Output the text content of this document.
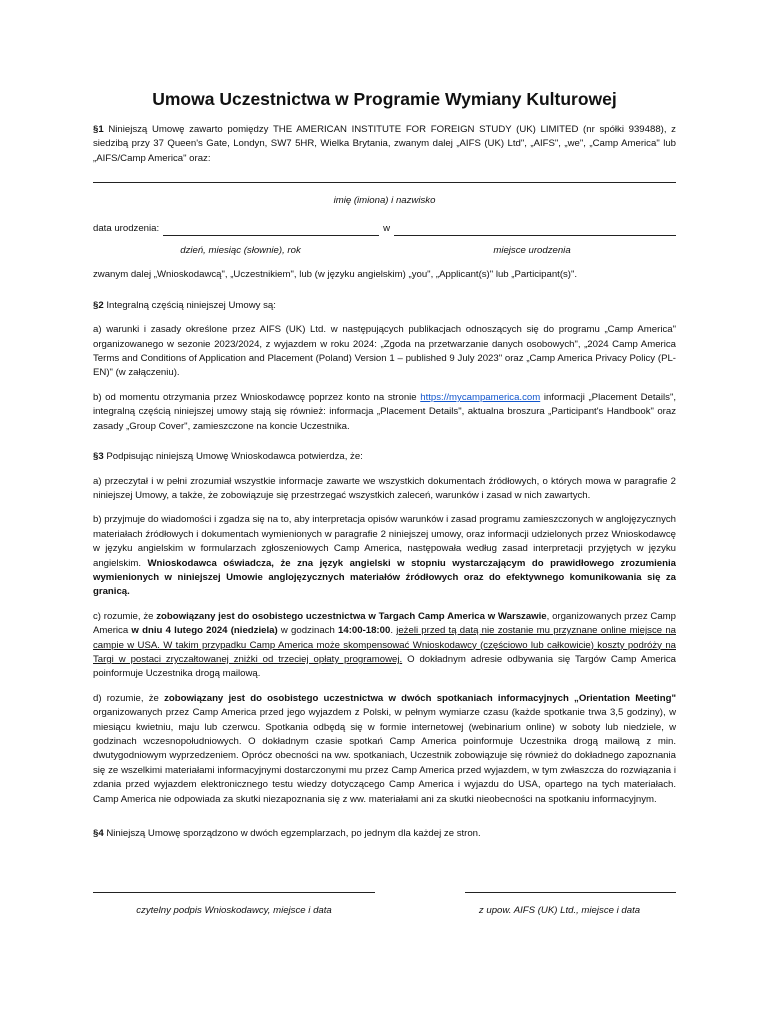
Umowa Uczestnictwa w Programie Wymiany Kulturowej

§1 Niniejszą Umowę zawarto pomiędzy THE AMERICAN INSTITUTE FOR FOREIGN STUDY (UK) LIMITED (nr spółki 939488), z siedzibą przy 37 Queen's Gate, Londyn, SW7 5HR, Wielka Brytania, zwanym dalej „AIFS (UK) Ltd", „AIFS", „we", „Camp America" lub „AIFS/Camp America" oraz:

imię (imiona) i nazwisko
data urodzenia:	w
dzień, miesiąc (słownie), rok	miejsce urodzenia

zwanym dalej „Wnioskodawcą", „Uczestnikiem", lub (w języku angielskim) „you", „Applicant(s)" lub „Participant(s)".

§2 Integralną częścią niniejszej Umowy są:

a) warunki i zasady określone przez AIFS (UK) Ltd. w następujących publikacjach odnoszących się do programu „Camp America" organizowanego w sezonie 2023/2024, z wyjazdem w roku 2024: „Zgoda na przetwarzanie danych osobowych", „2024 Camp America Terms and Conditions of Application and Placement (Poland) Version 1 – published 9 July 2023" oraz „Camp America Privacy Policy (PL-EN)" (w załączeniu).

b) od momentu otrzymania przez Wnioskodawcę poprzez konto na stronie https://mycampamerica.com informacji „Placement Details", integralną częścią niniejszej umowy stają się również: informacja „Placement Details", aktualna broszura „Participant's Handbook" oraz zasady „Group Cover", zamieszczone na koncie Uczestnika.

§3 Podpisując niniejszą Umowę Wnioskodawca potwierdza, że:

a) przeczytał i w pełni zrozumiał wszystkie informacje zawarte we wszystkich dokumentach źródłowych, o których mowa w paragrafie 2 niniejszej Umowy, a także, że zobowiązuje się przestrzegać wszystkich zaleceń, warunków i zasad w nich zawartych.

b) przyjmuje do wiadomości i zgadza się na to, aby interpretacja opisów warunków i zasad programu zamieszczonych w anglojęzycznych materiałach źródłowych i dokumentach wymienionych w paragrafie 2 niniejszej umowy, oraz informacji udzielonych przez Wnioskodawcę w języku angielskim w formularzach zgłoszeniowych Camp America, następowała według zasad interpretacji przyjętych w języku angielskim. Wnioskodawca oświadcza, że zna język angielski w stopniu wystarczającym do prawidłowego zrozumienia wymienionych w niniejszej Umowie anglojęzycznych materiałów źródłowych oraz do efektywnego komunikowania się za granicą.

c) rozumie, że zobowiązany jest do osobistego uczestnictwa w Targach Camp America w Warszawie, organizowanych przez Camp America w dniu 4 lutego 2024 (niedziela) w godzinach 14:00-18:00. jeżeli przed tą datą nie zostanie mu przyznane online miejsce na campie w USA. W takim przypadku Camp America może skompensować Wnioskodawcy (częściowo lub całkowicie) koszty podróży na Targi w postaci zryczałtowanej zniżki od trzeciej opłaty programowej. O dokładnym adresie odbywania się Targów Camp America poinformuje Uczestnika drogą mailową.

d) rozumie, że zobowiązany jest do osobistego uczestnictwa w dwóch spotkaniach informacyjnych „Orientation Meeting" organizowanych przez Camp America przed jego wyjazdem z Polski, w pełnym wymiarze czasu (każde spotkanie trwa 3,5 godziny), w miesiącu kwietniu, maju lub czerwcu. Spotkania odbędą się w formie internetowej (webinarium online) w soboty lub niedziele, w godzinach wczesnopołudniowych. O dokładnym czasie spotkań Camp America poinformuje Uczestnika drogą mailową z min. dwutygodniowym wyprzedzeniem. Oprócz obecności na ww. spotkaniach, Uczestnik zobowiązuje się również do dokładnego zapoznania się ze wszelkimi materiałami informacyjnymi dostarczonymi mu przez Camp America przed wyjazdem, w tym zwłaszcza do rozwiązania i zdania przed wyjazdem elektronicznego testu wiedzy dotyczącego Camp America i wyjazdu do USA, opartego na tych materiałach. Camp America nie odpowiada za skutki niezapoznania się z ww. materiałami ani za skutki nieobecności na spotkaniu informacyjnym.

§4 Niniejszą Umowę sporządzono w dwóch egzemplarzach, po jednym dla każdej ze stron.

czytelny podpis Wnioskodawcy, miejsce i data	z upow. AIFS (UK) Ltd., miejsce i data
